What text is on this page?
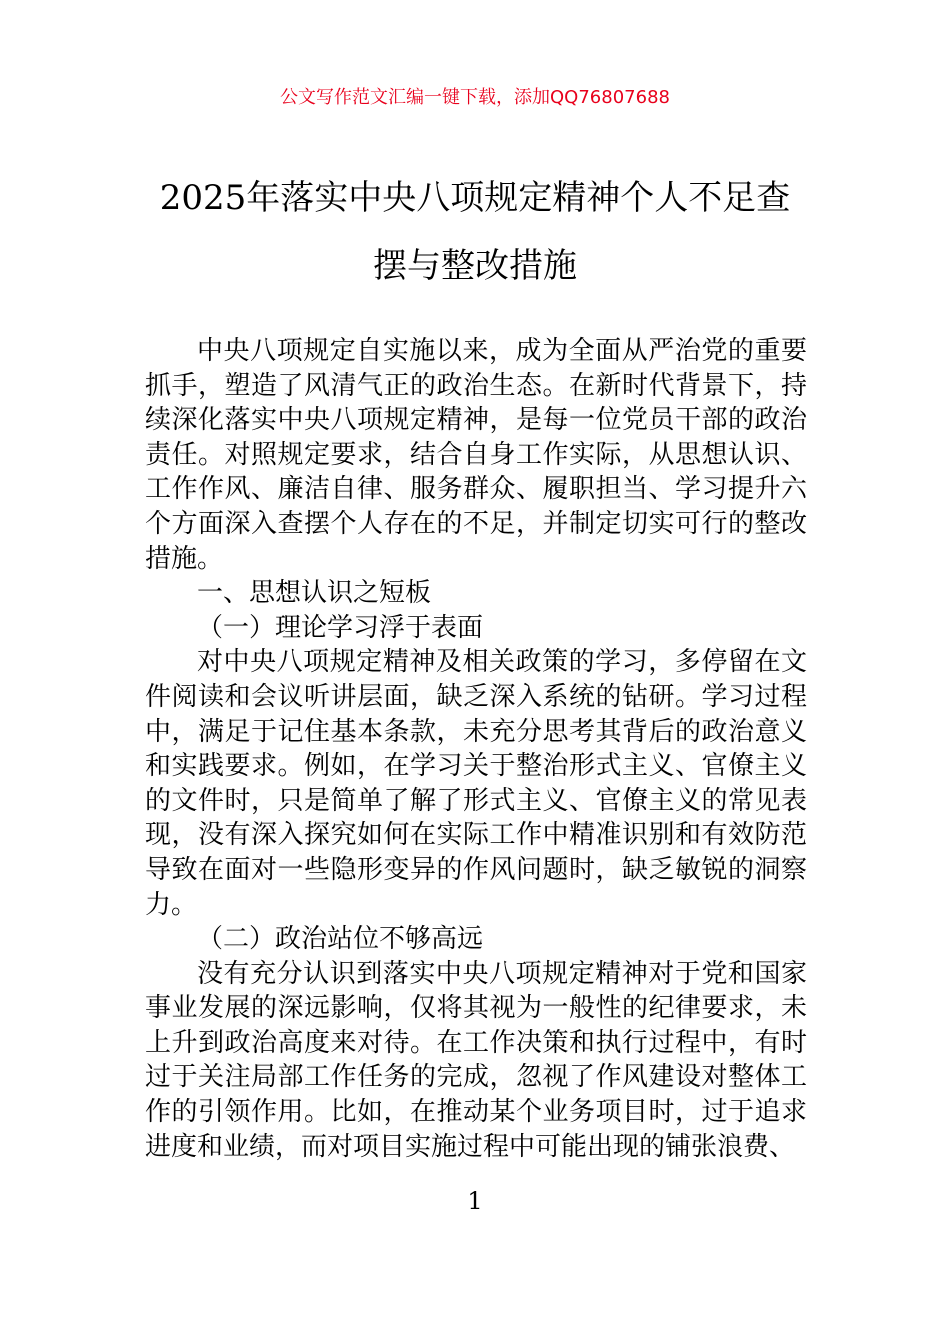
公文写作范文汇编一键下载，添加QQ76807688
2025年落实中央八项规定精神个人不足查
摆与整改措施

中央八项规定自实施以来，成为全面从严治党的重要抓手，塑造了风清气正的政治生态。在新时代背景下，持续深化落实中央八项规定精神，是每一位党员干部的政治责任。对照规定要求，结合自身工作实际，从思想认识、工作作风、廉洁自律、服务群众、履职担当、学习提升六个方面深入查摆个人存在的不足，并制定切实可行的整改措施。

一、思想认识之短板

（一）理论学习浮于表面

对中央八项规定精神及相关政策的学习，多停留在文件阅读和会议听讲层面，缺乏深入系统的钻研。学习过程中，满足于记住基本条款，未充分思考其背后的政治意义和实践要求。例如，在学习关于整治形式主义、官僚主义的文件时，只是简单了解了形式主义、官僚主义的常见表现，没有深入探究如何在实际工作中精准识别和有效防范导致在面对一些隐形变异的作风问题时，缺乏敏锐的洞察力。

（二）政治站位不够高远

没有充分认识到落实中央八项规定精神对于党和国家事业发展的深远影响，仅将其视为一般性的纪律要求，未上升到政治高度来对待。在工作决策和执行过程中，有时过于关注局部工作任务的完成，忽视了作风建设对整体工作的引领作用。比如，在推动某个业务项目时，过于追求进度和业绩，而对项目实施过程中可能出现的铺张浪费、

1
